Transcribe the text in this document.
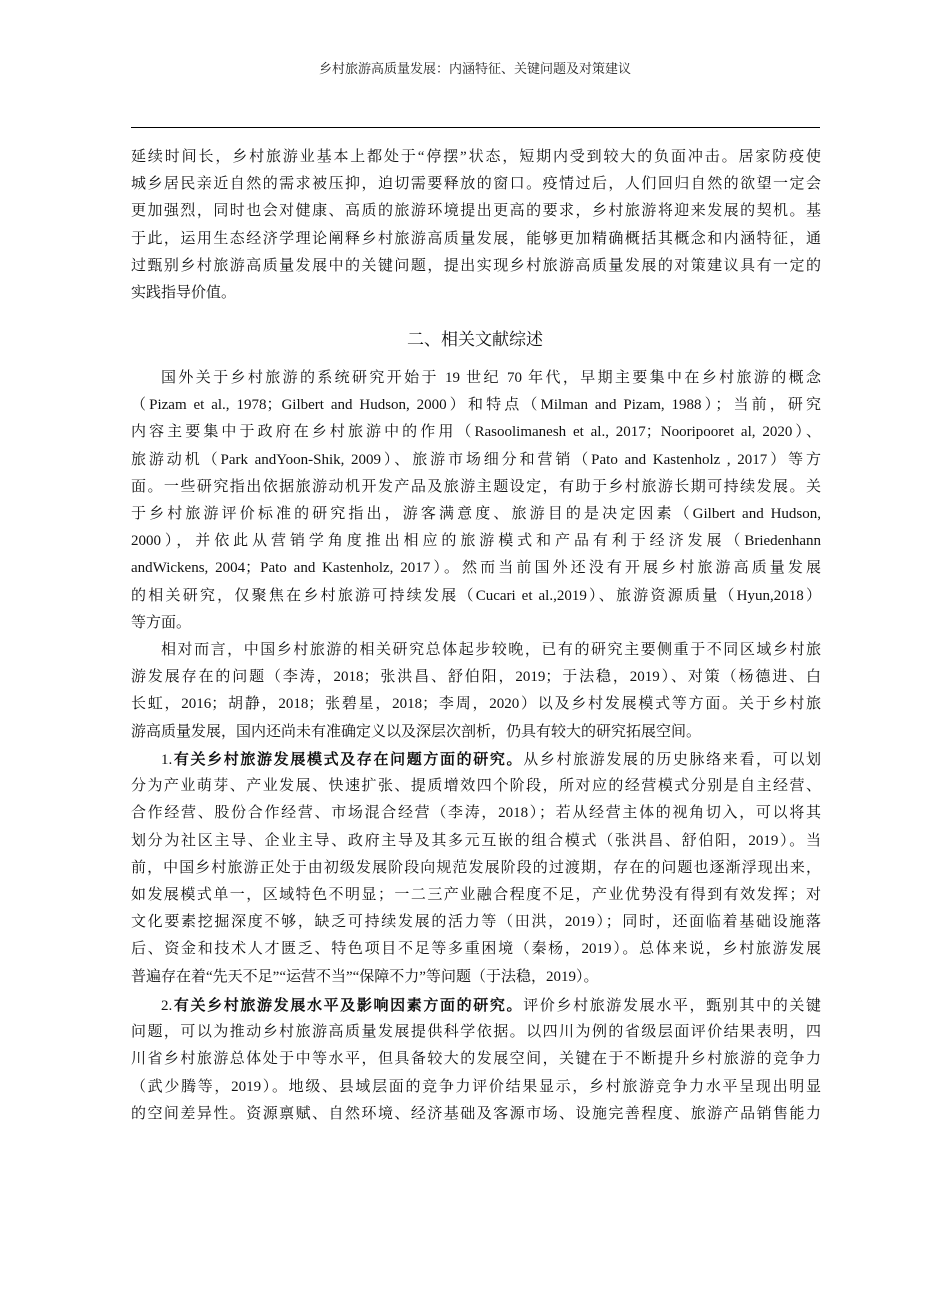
乡村旅游高质量发展：内涵特征、关键问题及对策建议
延续时间长，乡村旅游业基本上都处于“停摆”状态，短期内受到较大的负面冲击。居家防疫使
城乡居民亲近自然的需求被压抑，迫切需要释放的窗口。疫情过后，人们回归自然的欲望一定会
更加强烈，同时也会对健康、高质的旅游环境提出更高的要求，乡村旅游将迎来发展的契机。基
于此，运用生态经济学理论阐释乡村旅游高质量发展，能够更加精确概括其概念和内涵特征，通
过甄别乡村旅游高质量发展中的关键问题，提出实现乡村旅游高质量发展的对策建议具有一定的
实践指导价值。
二、相关文献综述
国外关于乡村旅游的系统研究开始于 19 世纪 70 年代，早期主要集中在乡村旅游的概念
（Pizam et al., 1978；Gilbert and Hudson, 2000）和特点（Milman and Pizam, 1988）；当前，研究
内容主要集中于政府在乡村旅游中的作用（Rasoolimanesh et al., 2017；Nooripooret al, 2020）、
旅游动机（Park andYoon-Shik, 2009）、旅游市场细分和营销（Pato and Kastenholz , 2017）等方
面。一些研究指出依据旅游动机开发产品及旅游主题设定，有助于乡村旅游长期可持续发展。关
于乡村旅游评价标准的研究指出，游客满意度、旅游目的是决定因素（Gilbert and Hudson,
2000），并依此从营销学角度推出相应的旅游模式和产品有利于经济发展（Briedenhann
andWickens, 2004；Pato and Kastenholz, 2017）。然而当前国外还没有开展乡村旅游高质量发展
的相关研究，仅聚焦在乡村旅游可持续发展（Cucari et al.,2019）、旅游资源质量（Hyun,2018）
等方面。
相对而言，中国乡村旅游的相关研究总体起步较晚，已有的研究主要侧重于不同区域乡村旅
游发展存在的问题（李涛，2018；张洪昌、舒伯阳，2019；于法稳，2019）、对策（杨德进、白
长虹，2016；胡静，2018；张碧星，2018；李周，2020）以及乡村发展模式等方面。关于乡村旅
游高质量发展，国内还尚未有准确定义以及深层次剖析，仍具有较大的研究拓展空间。
1.有关乡村旅游发展模式及存在问题方面的研究。从乡村旅游发展的历史脉络来看，可以划
分为产业萌芽、产业发展、快速扩张、提质增效四个阶段，所对应的经营模式分别是自主经营、
合作经营、股份合作经营、市场混合经营（李涛，2018）；若从经营主体的视角切入，可以将其
划分为社区主导、企业主导、政府主导及其多元互嵌的组合模式（张洪昌、舒伯阳，2019）。当
前，中国乡村旅游正处于由初级发展阶段向规范发展阶段的过渡期，存在的问题也逐渐浮现出来，
如发展模式单一，区域特色不明显；一二三产业融合程度不足，产业优势没有得到有效发挥；对
文化要素挖掘深度不够，缺乏可持续发展的活力等（田洪，2019）；同时，还面临着基础设施落
后、资金和技术人才匮乏、特色项目不足等多重困境（秦杨，2019）。总体来说，乡村旅游发展
普遍存在着“先天不足”“运营不当”“保障不力”等问题（于法稳，2019）。
2.有关乡村旅游发展水平及影响因素方面的研究。评价乡村旅游发展水平，甄别其中的关键
问题，可以为推动乡村旅游高质量发展提供科学依据。以四川为例的省级层面评价结果表明，四
川省乡村旅游总体处于中等水平，但具备较大的发展空间，关键在于不断提升乡村旅游的竞争力
（武少腾等，2019）。地级、县域层面的竞争力评价结果显示，乡村旅游竞争力水平呈现出明显
的空间差异性。资源禀赋、自然环境、经济基础及客源市场、设施完善程度、旅游产品销售能力
